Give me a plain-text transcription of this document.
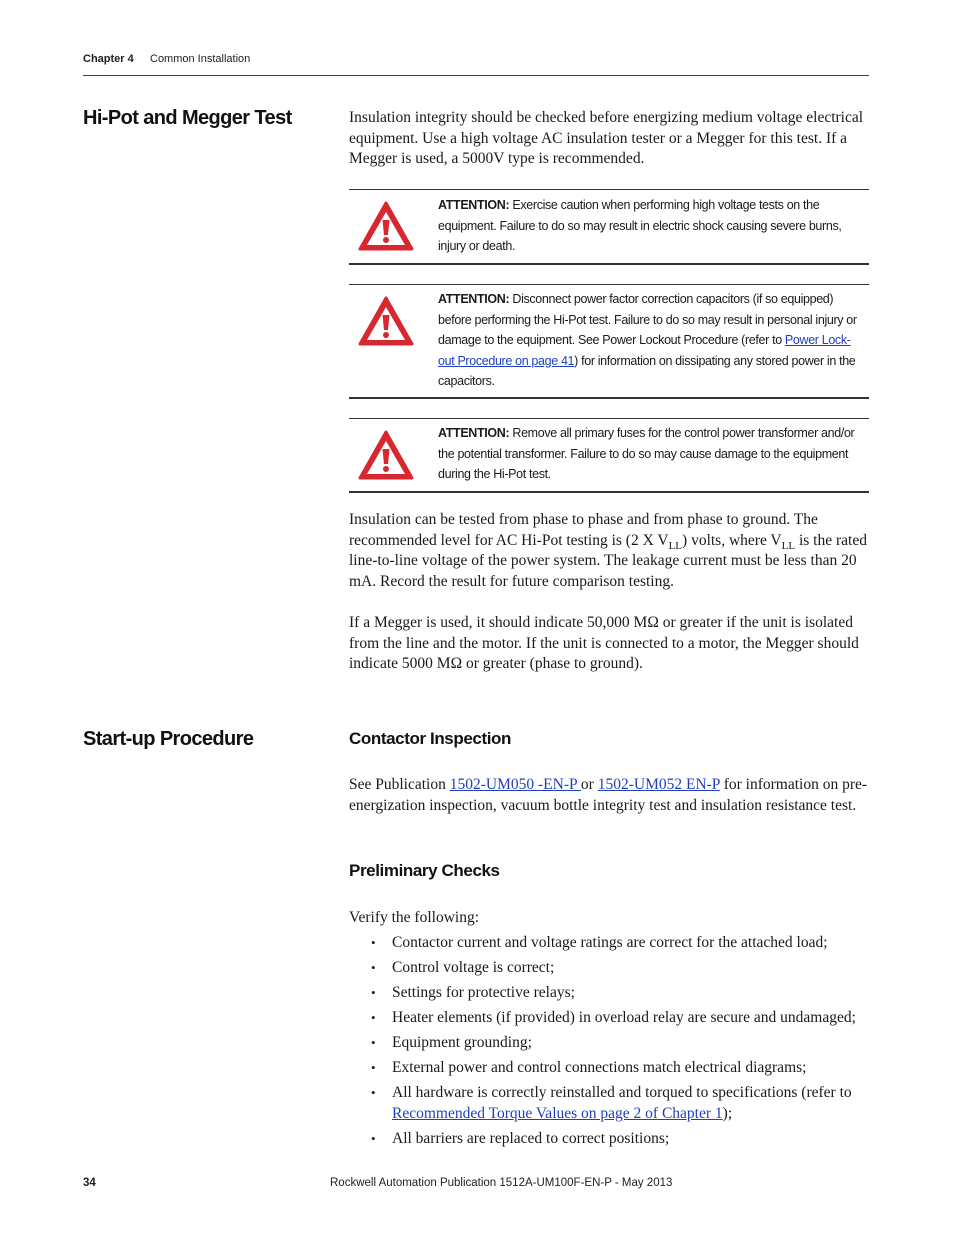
Chapter 4 Common Installation
Hi-Pot and Megger Test	Insulation integrity should be checked before energizing medium voltage electrical equipment. Use a high voltage AC insulation tester or a Megger for this test. If a Megger is used, a 5000V type is recommended.
ATTENTION: Exercise caution when performing high voltage tests on the equipment. Failure to do so may result in electric shock causing severe burns, injury or death.
ATTENTION: Disconnect power factor correction capacitors (if so equipped) before performing the Hi-Pot test. Failure to do so may result in personal injury or damage to the equipment. See Power Lockout Procedure (refer to Power Lock-out Procedure on page 41) for information on dissipating any stored power in the capacitors.
ATTENTION: Remove all primary fuses for the control power transformer and/or the potential transformer. Failure to do so may cause damage to the equipment during the Hi-Pot test.
Insulation can be tested from phase to phase and from phase to ground. The recommended level for AC Hi-Pot testing is (2 X $V_{LL}$) volts, where $V_{LL}$ is the rated line-to-line voltage of the power system. The leakage current must be less than 20 mA. Record the result for future comparison testing.
If a Megger is used, it should indicate 50,000 MΩ or greater if the unit is isolated from the line and the motor. If the unit is connected to a motor, the Megger should indicate 5000 MΩ or greater (phase to ground).
Start-up Procedure	Contactor Inspection
See Publication 1502-UM050 -EN-P or 1502-UM052 EN-P for information on pre-energization inspection, vacuum bottle integrity test and insulation resistance test.
Preliminary Checks
Verify the following:
• Contactor current and voltage ratings are correct for the attached load;
• Control voltage is correct;
• Settings for protective relays;
• Heater elements (if provided) in overload relay are secure and undamaged;
• Equipment grounding;
• External power and control connections match electrical diagrams;
• All hardware is correctly reinstalled and torqued to specifications (refer to Recommended Torque Values on page 2 of Chapter 1);
• All barriers are replaced to correct positions;
34	Rockwell Automation Publication 1512A-UM100F-EN-P - May 2013
